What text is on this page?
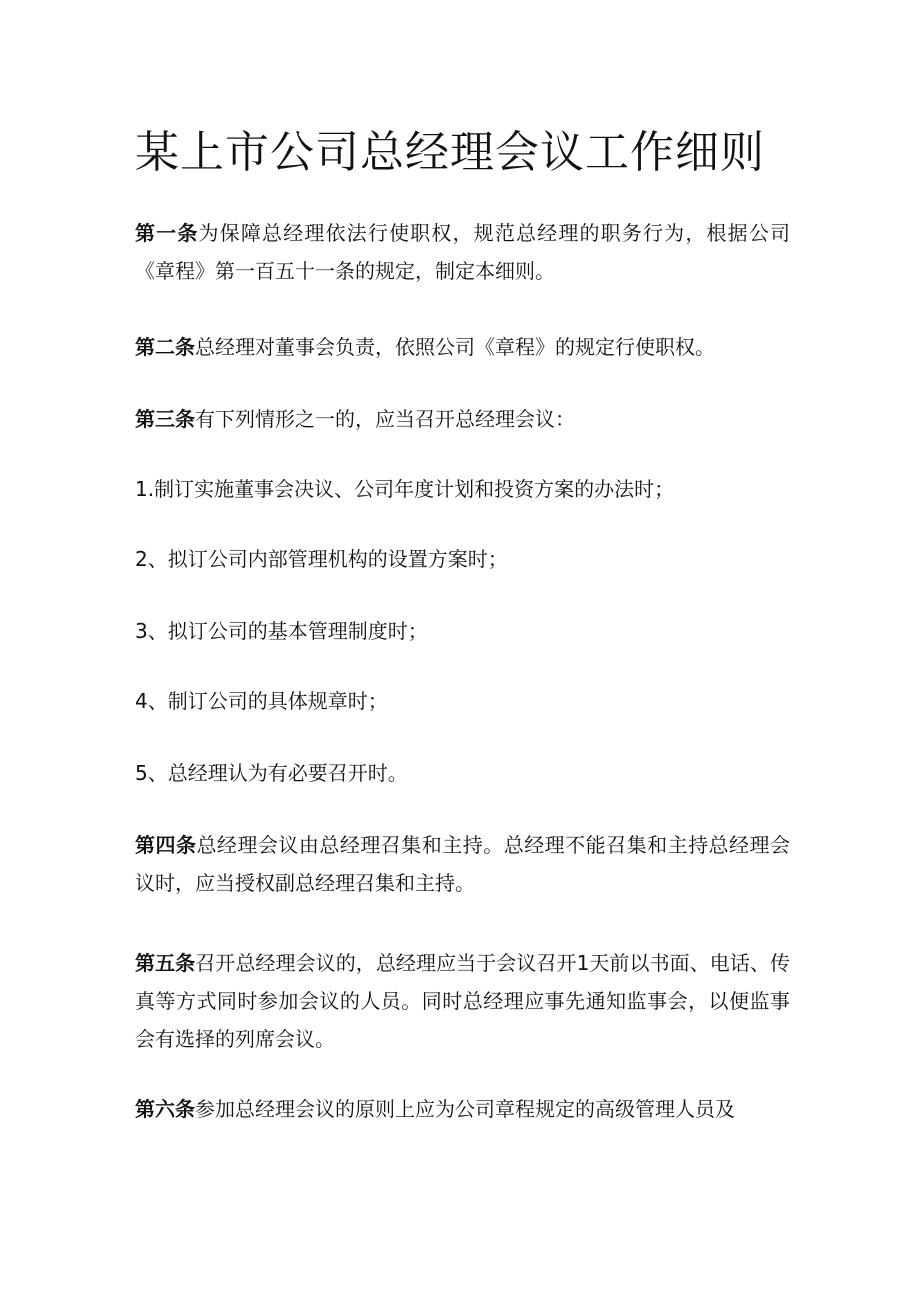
某上市公司总经理会议工作细则

第一条为保障总经理依法行使职权，规范总经理的职务行为，根据公司《章程》第一百五十一条的规定，制定本细则。

第二条总经理对董事会负责，依照公司《章程》的规定行使职权。

第三条有下列情形之一的，应当召开总经理会议：

1.制订实施董事会决议、公司年度计划和投资方案的办法时；

2、拟订公司内部管理机构的设置方案时；

3、拟订公司的基本管理制度时；

4、制订公司的具体规章时；

5、总经理认为有必要召开时。

第四条总经理会议由总经理召集和主持。总经理不能召集和主持总经理会议时，应当授权副总经理召集和主持。

第五条召开总经理会议的，总经理应当于会议召开1天前以书面、电话、传真等方式同时参加会议的人员。同时总经理应事先通知监事会，以便监事会有选择的列席会议。

第六条参加总经理会议的原则上应为公司章程规定的高级管理人员及
